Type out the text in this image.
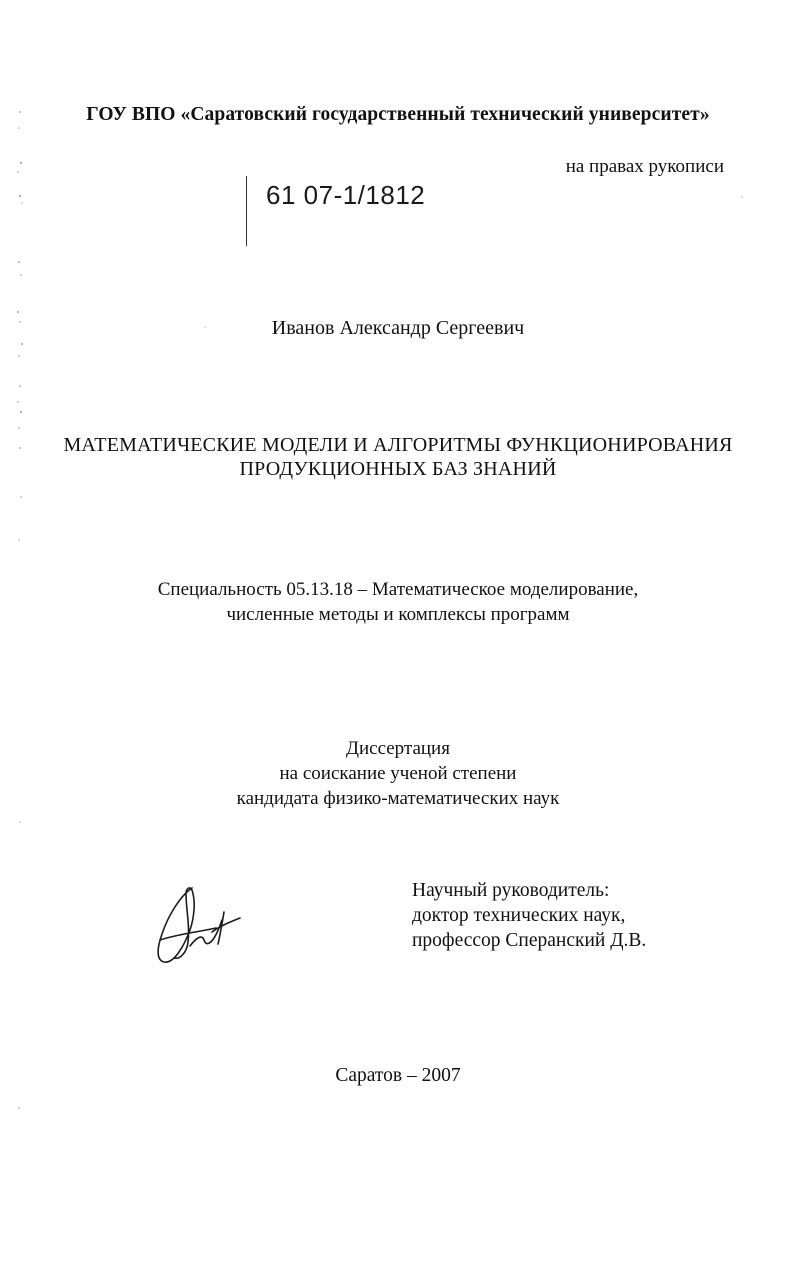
ГОУ ВПО «Саратовский государственный технический университет»
на правах рукописи
61 07-1/1812
Иванов Александр Сергеевич
МАТЕМАТИЧЕСКИЕ МОДЕЛИ И АЛГОРИТМЫ ФУНКЦИОНИРОВАНИЯ
ПРОДУКЦИОННЫХ БАЗ ЗНАНИЙ
Специальность 05.13.18 – Математическое моделирование,
численные методы и комплексы программ
Диссертация
на соискание ученой степени
кандидата физико-математических наук
Научный руководитель:
доктор технических наук,
профессор Сперанский Д.В.
Саратов – 2007
